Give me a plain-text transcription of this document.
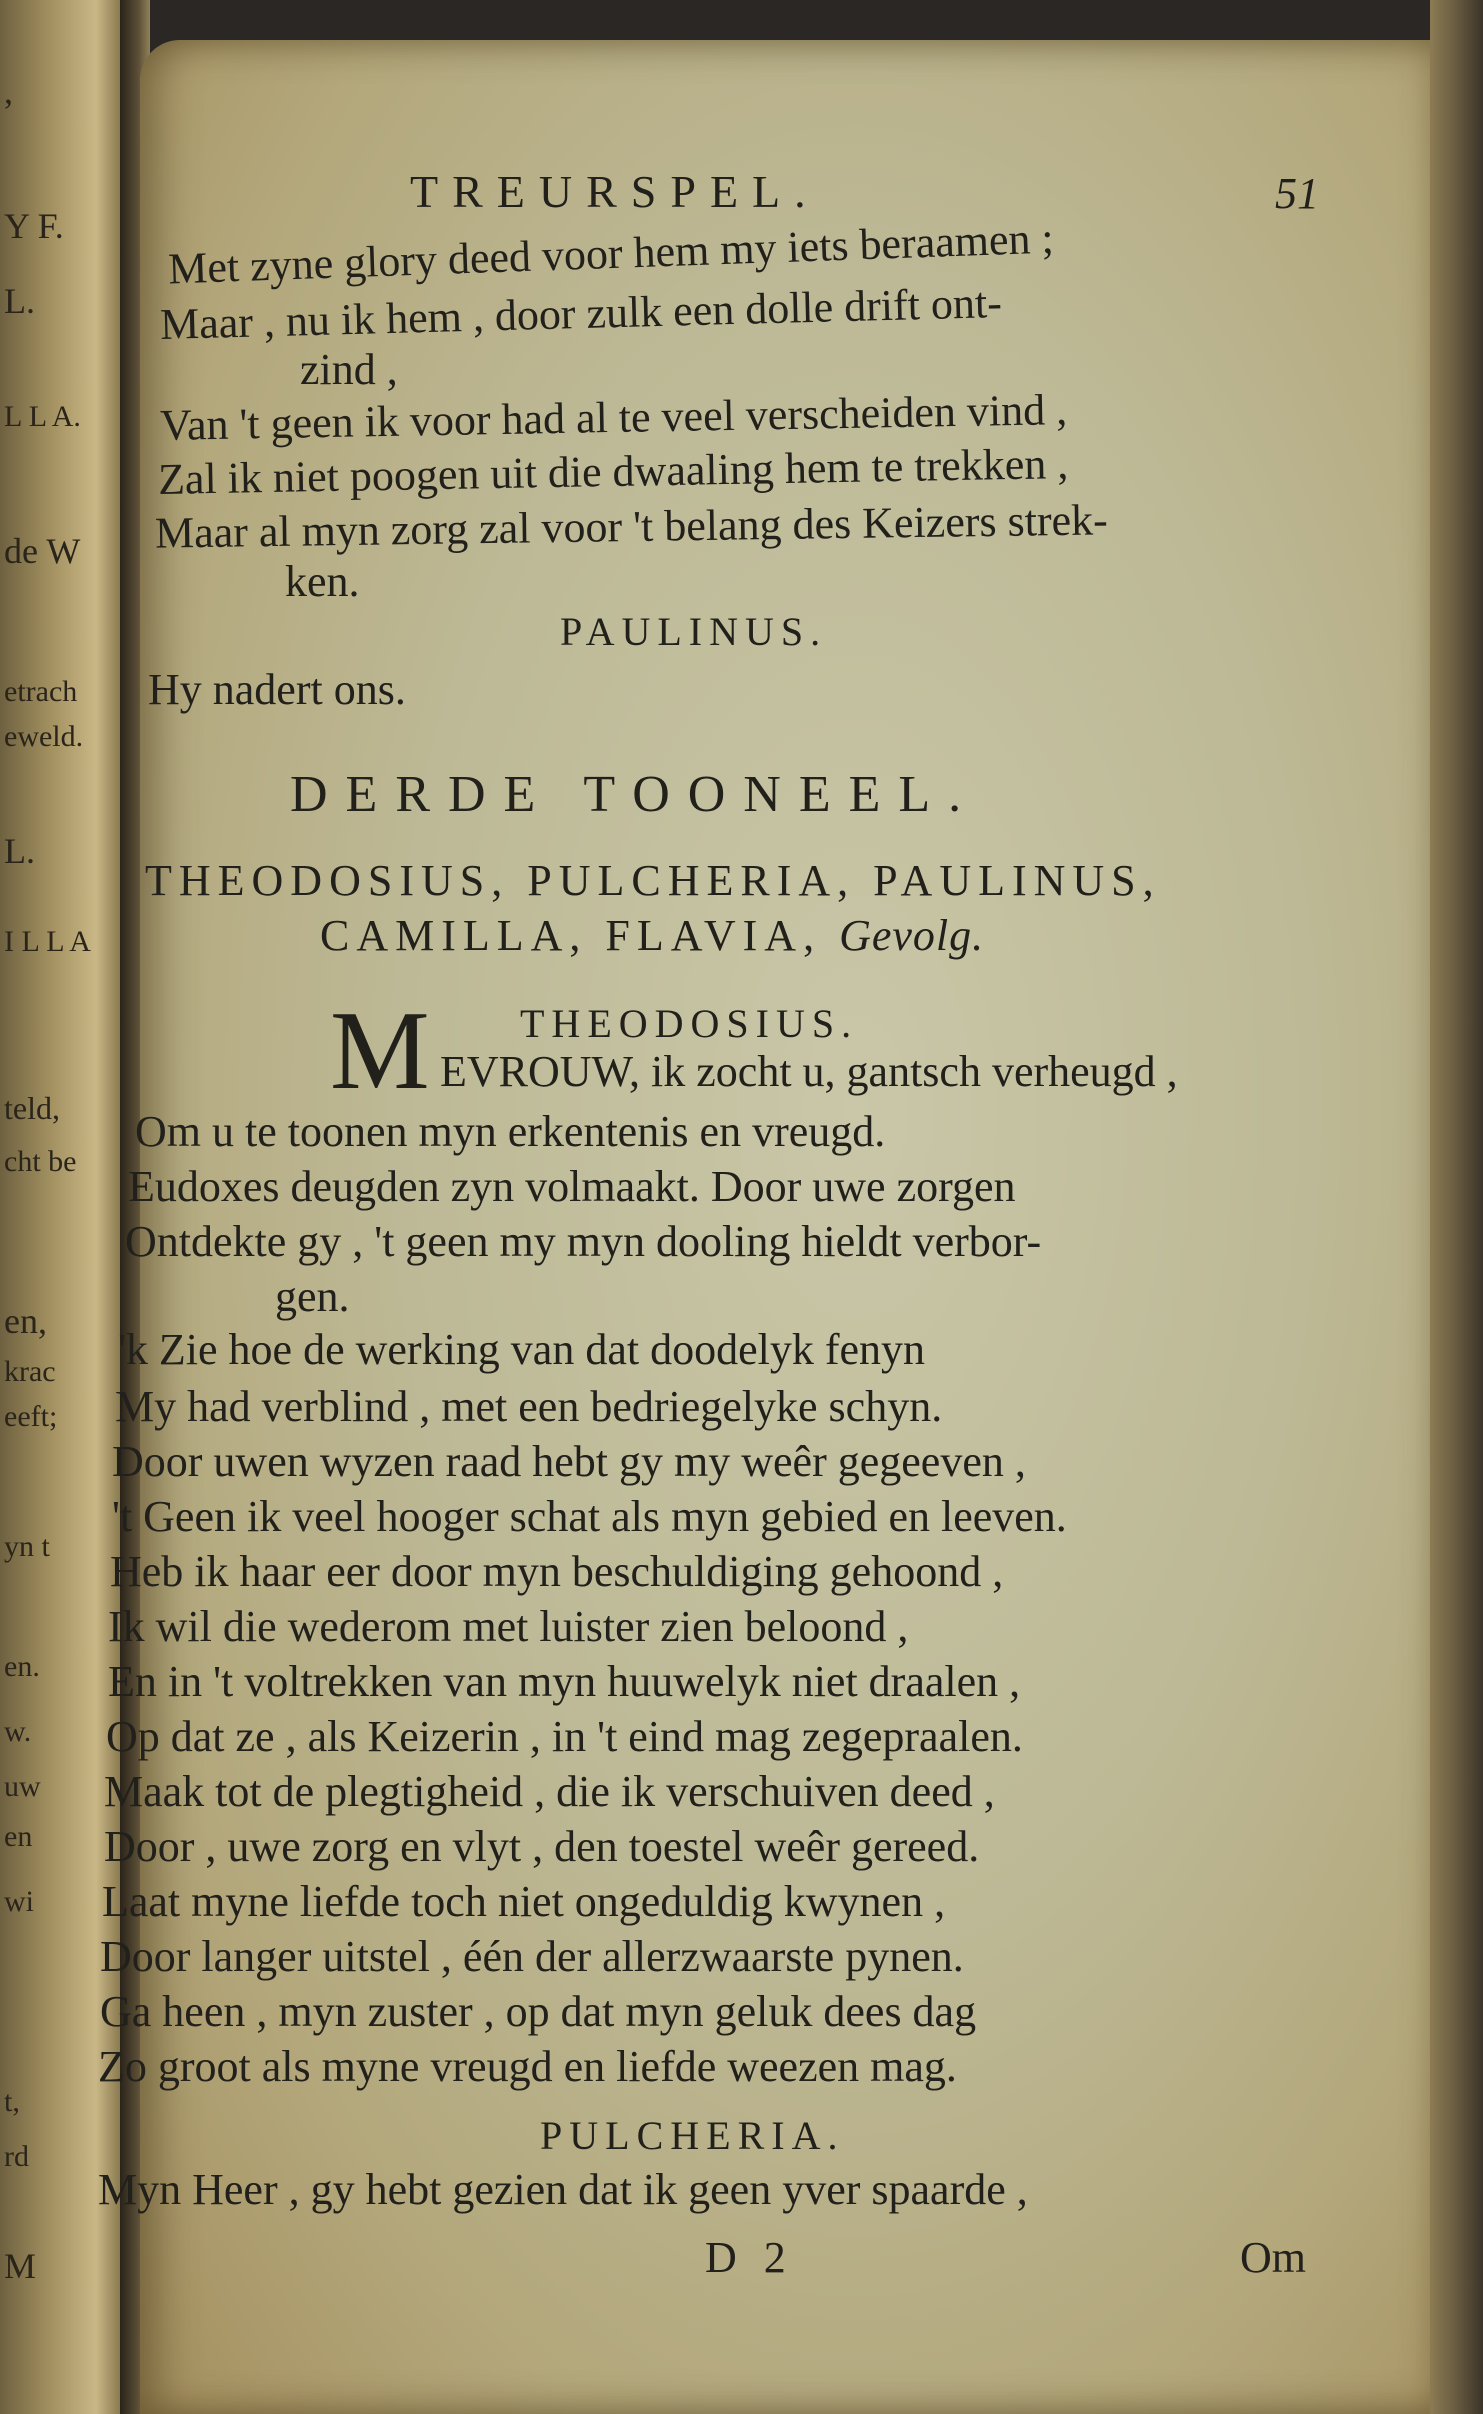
,
Y F.
L.
L L A.
de W
etrach
eweld.
L.
I L L A
teld,
cht be
en,
krac
eeft;
yn t
en.
w.
uw
en
wi
t,
rd
M
TREURSPEL.	51
Met zyne glory deed voor hem my iets beraamen ;
Maar , nu ik hem , door zulk een dolle drift ont-
zind ,
Van 't geen ik voor had al te veel verscheiden vind ,
Zal ik niet poogen uit die dwaaling hem te trekken ,
Maar al myn zorg zal voor 't belang des Keizers strek-
ken.
PAULINUS.
Hy nadert ons.
DERDE TOONEEL.
THEODOSIUS, PULCHERIA, PAULINUS,
CAMILLA, FLAVIA, Gevolg.
THEODOSIUS.
M EVROUW, ik zocht u, gantsch verheugd ,
Om u te toonen myn erkentenis en vreugd.
Eudoxes deugden zyn volmaakt. Door uwe zorgen
Ontdekte gy , 't geen my myn dooling hieldt verbor-
gen.
'k Zie hoe de werking van dat doodelyk fenyn
My had verblind , met een bedriegelyke schyn.
Door uwen wyzen raad hebt gy my weêr gegeeven ,
't Geen ik veel hooger schat als myn gebied en leeven.
Heb ik haar eer door myn beschuldiging gehoond ,
Ik wil die wederom met luister zien beloond ,
En in 't voltrekken van myn huuwelyk niet draalen ,
Op dat ze , als Keizerin , in 't eind mag zegepraalen.
Maak tot de plegtigheid , die ik verschuiven deed ,
Door , uwe zorg en vlyt , den toestel weêr gereed.
Laat myne liefde toch niet ongeduldig kwynen ,
Door langer uitstel , één der allerzwaarste pynen.
Ga heen , myn zuster , op dat myn geluk dees dag
Zo groot als myne vreugd en liefde weezen mag.
PULCHERIA.
Myn Heer , gy hebt gezien dat ik geen yver spaarde ,
D 2	Om
